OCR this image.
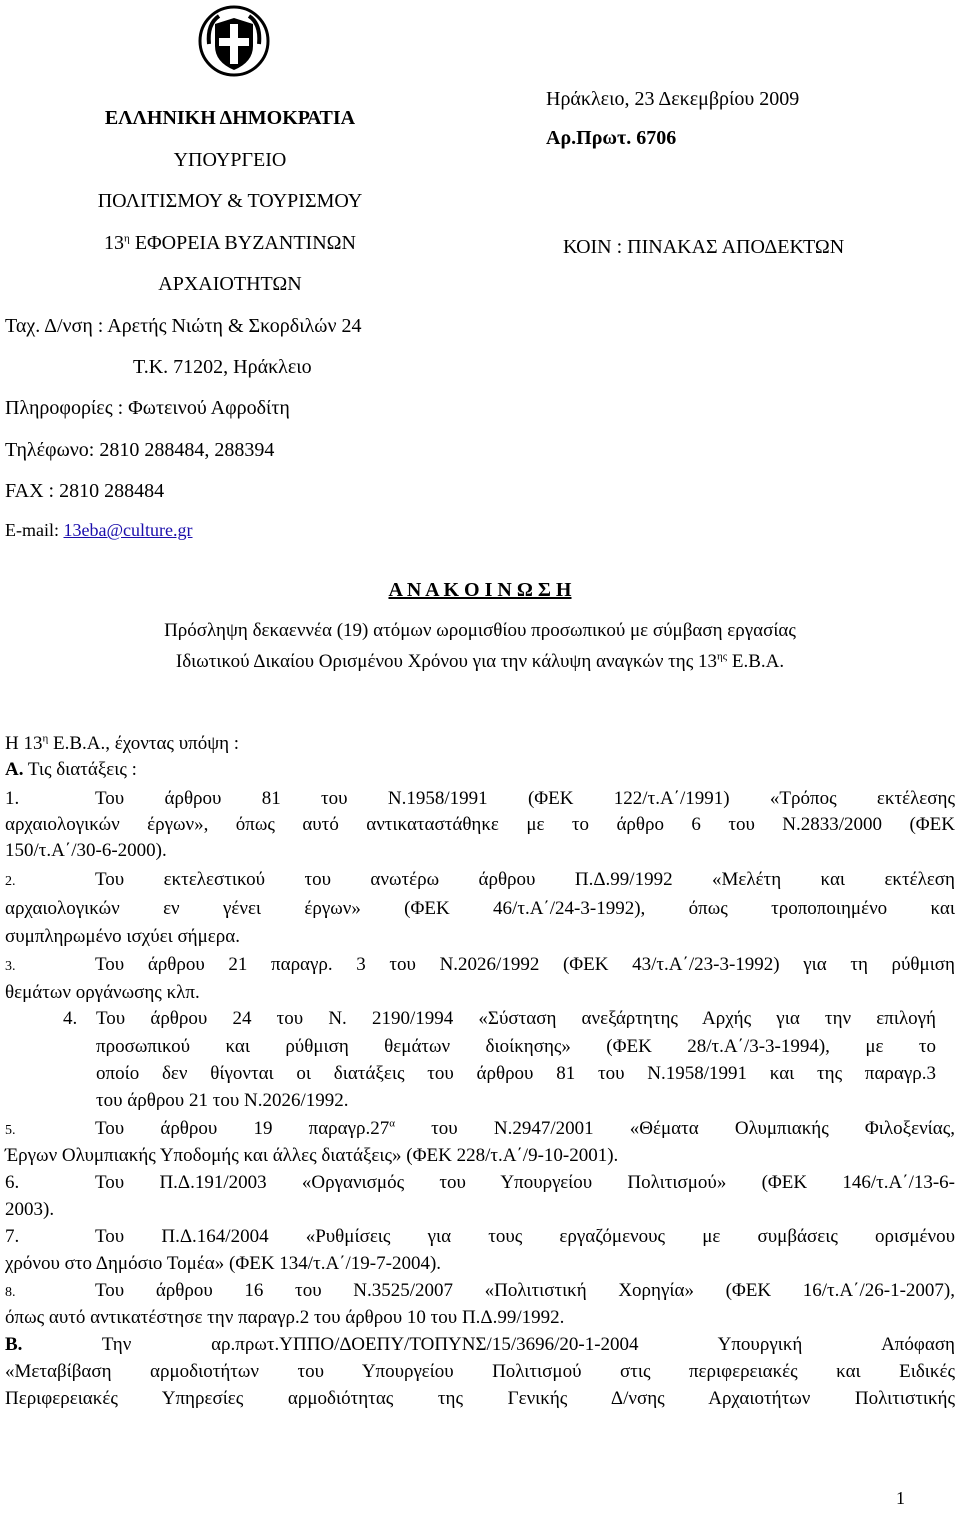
ΕΛΛΗΝΙΚΗ ΔΗΜΟΚΡΑΤΙΑ
ΥΠΟΥΡΓΕΙΟ
ΠΟΛΙΤΙΣΜΟΥ & ΤΟΥΡΙΣΜΟΥ
$13^\eta$ ΕΦΟΡΕΙΑ ΒΥΖΑΝΤΙΝΩΝ
ΑΡΧΑΙΟΤΗΤΩΝ
Ταχ. Δ/νση : Αρετής Νιώτη & Σκορδιλών 24
Τ.Κ. 71202, Ηράκλειο
Πληροφορίες : Φωτεινού Αφροδίτη
Τηλέφωνο: 2810 288484, 288394
FAX : 2810 288484
E-mail: 13eba@culture.gr
Ηράκλειο, 23 Δεκεμβρίου 2009
Αρ.Πρωτ. 6706
ΚΟΙΝ : ΠΙΝΑΚΑΣ ΑΠΟΔΕΚΤΩΝ
Α Ν Α Κ Ο Ι Ν Ω Σ Η
Πρόσληψη δεκαεννέα (19) ατόμων ωρομισθίου προσωπικού με σύμβαση εργασίας
Ιδιωτικού Δικαίου Ορισμένου Χρόνου για την κάλυψη αναγκών της $13^{\eta\varsigma}$ Ε.Β.Α.
Η $13^\eta$ Ε.Β.Α., έχοντας υπόψη :
Α. Τις διατάξεις :
1.	Του άρθρου 81 του Ν.1958/1991 (ΦΕΚ 122/τ.Α΄/1991) «Τρόπος εκτέλεσης
αρχαιολογικών έργων», όπως αυτό αντικαταστάθηκε με το άρθρο 6 του Ν.2833/2000 (ΦΕΚ
150/τ.Α΄/30-6-2000).
2.	Του εκτελεστικού του ανωτέρω άρθρου Π.Δ.99/1992 «Μελέτη και εκτέλεση
αρχαιολογικών εν γένει έργων» (ΦΕΚ 46/τ.Α΄/24-3-1992), όπως τροποποιημένο και
συμπληρωμένο ισχύει σήμερα.
3.	Του άρθρου 21 παραγρ. 3 του Ν.2026/1992 (ΦΕΚ 43/τ.Α΄/23-3-1992) για τη ρύθμιση
θεμάτων οργάνωσης κλπ.
4. Του άρθρου 24 του Ν. 2190/1994 «Σύσταση ανεξάρτητης Αρχής για την επιλογή
προσωπικού και ρύθμιση θεμάτων διοίκησης» (ΦΕΚ 28/τ.Α΄/3-3-1994), με το
οποίο δεν θίγονται οι διατάξεις του άρθρου 81 του Ν.1958/1991 και της παραγρ.3
του άρθρου 21 του Ν.2026/1992.
5.	Του άρθρου 19 $\pi\alpha\rho\alpha\gamma\rho.27^\alpha$ του Ν.2947/2001 «Θέματα Ολυμπιακής Φιλοξενίας,
Έργων Ολυμπιακής Υποδομής και άλλες διατάξεις» (ΦΕΚ 228/τ.Α΄/9-10-2001).
6.	Του Π.Δ.191/2003 «Οργανισμός του Υπουργείου Πολιτισμού» (ΦΕΚ 146/τ.Α΄/13-6-
2003).
7.	Του Π.Δ.164/2004 «Ρυθμίσεις για τους εργαζόμενους με συμβάσεις ορισμένου
χρόνου στο Δημόσιο Τομέα» (ΦΕΚ 134/τ.Α΄/19-7-2004).
8.	Του άρθρου 16 του Ν.3525/2007 «Πολιτιστική Χορηγία» (ΦΕΚ 16/τ.Α΄/26-1-2007),
όπως αυτό αντικατέστησε την παραγρ.2 του άρθρου 10 του Π.Δ.99/1992.
Β. Την αρ.πρωτ.ΥΠΠΟ/ΔΟΕΠΥ/ΤΟΠΥΝΣ/15/3696/20-1-2004 Υπουργική Απόφαση
«Μεταβίβαση αρμοδιοτήτων του Υπουργείου Πολιτισμού στις περιφερειακές και Ειδικές
Περιφερειακές Υπηρεσίες αρμοδιότητας της Γενικής Δ/νσης Αρχαιοτήτων Πολιτιστικής
1
